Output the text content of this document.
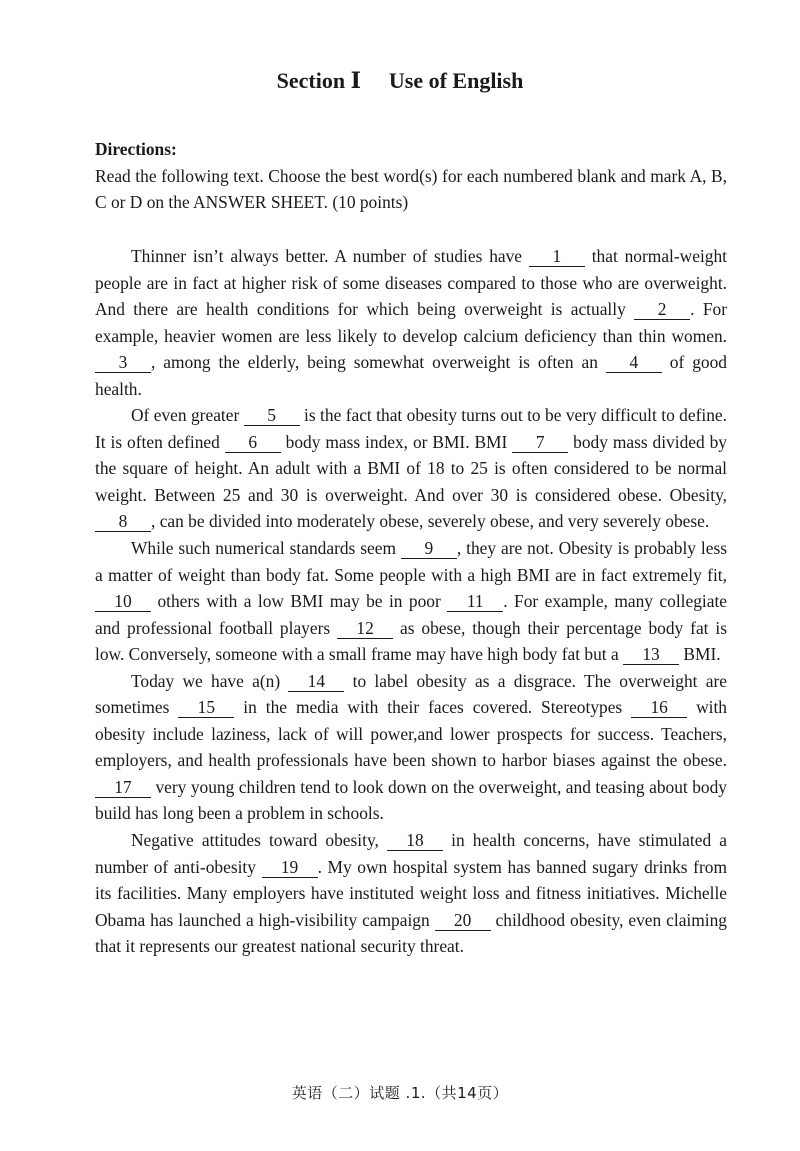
Section Ⅰ Use of English
Directions:
Read the following text. Choose the best word(s) for each numbered blank and mark A, B, C or D on the ANSWER SHEET. (10 points)

Thinner isn’t always better. A number of studies have 1 that normal-weight people are in fact at higher risk of some diseases compared to those who are overweight. And there are health conditions for which being overweight is actually 2 . For example, heavier women are less likely to develop calcium deficiency than thin women. 3 , among the elderly, being somewhat overweight is often an 4 of good health.

Of even greater 5 is the fact that obesity turns out to be very difficult to define. It is often defined 6 body mass index, or BMI. BMI 7 body mass divided by the square of height. An adult with a BMI of 18 to 25 is often considered to be normal weight. Between 25 and 30 is overweight. And over 30 is considered obese. Obesity, 8 , can be divided into moderately obese, severely obese, and very severely obese.

While such numerical standards seem 9 , they are not. Obesity is probably less a matter of weight than body fat. Some people with a high BMI are in fact extremely fit, 10 others with a low BMI may be in poor 11 . For example, many collegiate and professional football players 12 as obese, though their percentage body fat is low. Conversely, someone with a small frame may have high body fat but a 13 BMI.

Today we have a(n) 14 to label obesity as a disgrace. The overweight are sometimes 15 in the media with their faces covered. Stereotypes 16 with obesity include laziness, lack of will power,and lower prospects for success. Teachers, employers, and health professionals have been shown to harbor biases against the obese. 17 very young children tend to look down on the overweight, and teasing about body build has long been a problem in schools.

Negative attitudes toward obesity, 18 in health concerns, have stimulated a number of anti-obesity 19 . My own hospital system has banned sugary drinks from its facilities. Many employers have instituted weight loss and fitness initiatives. Michelle Obama has launched a high-visibility campaign 20 childhood obesity, even claiming that it represents our greatest national security threat.

英语（二）试题 .1.（共14页）
